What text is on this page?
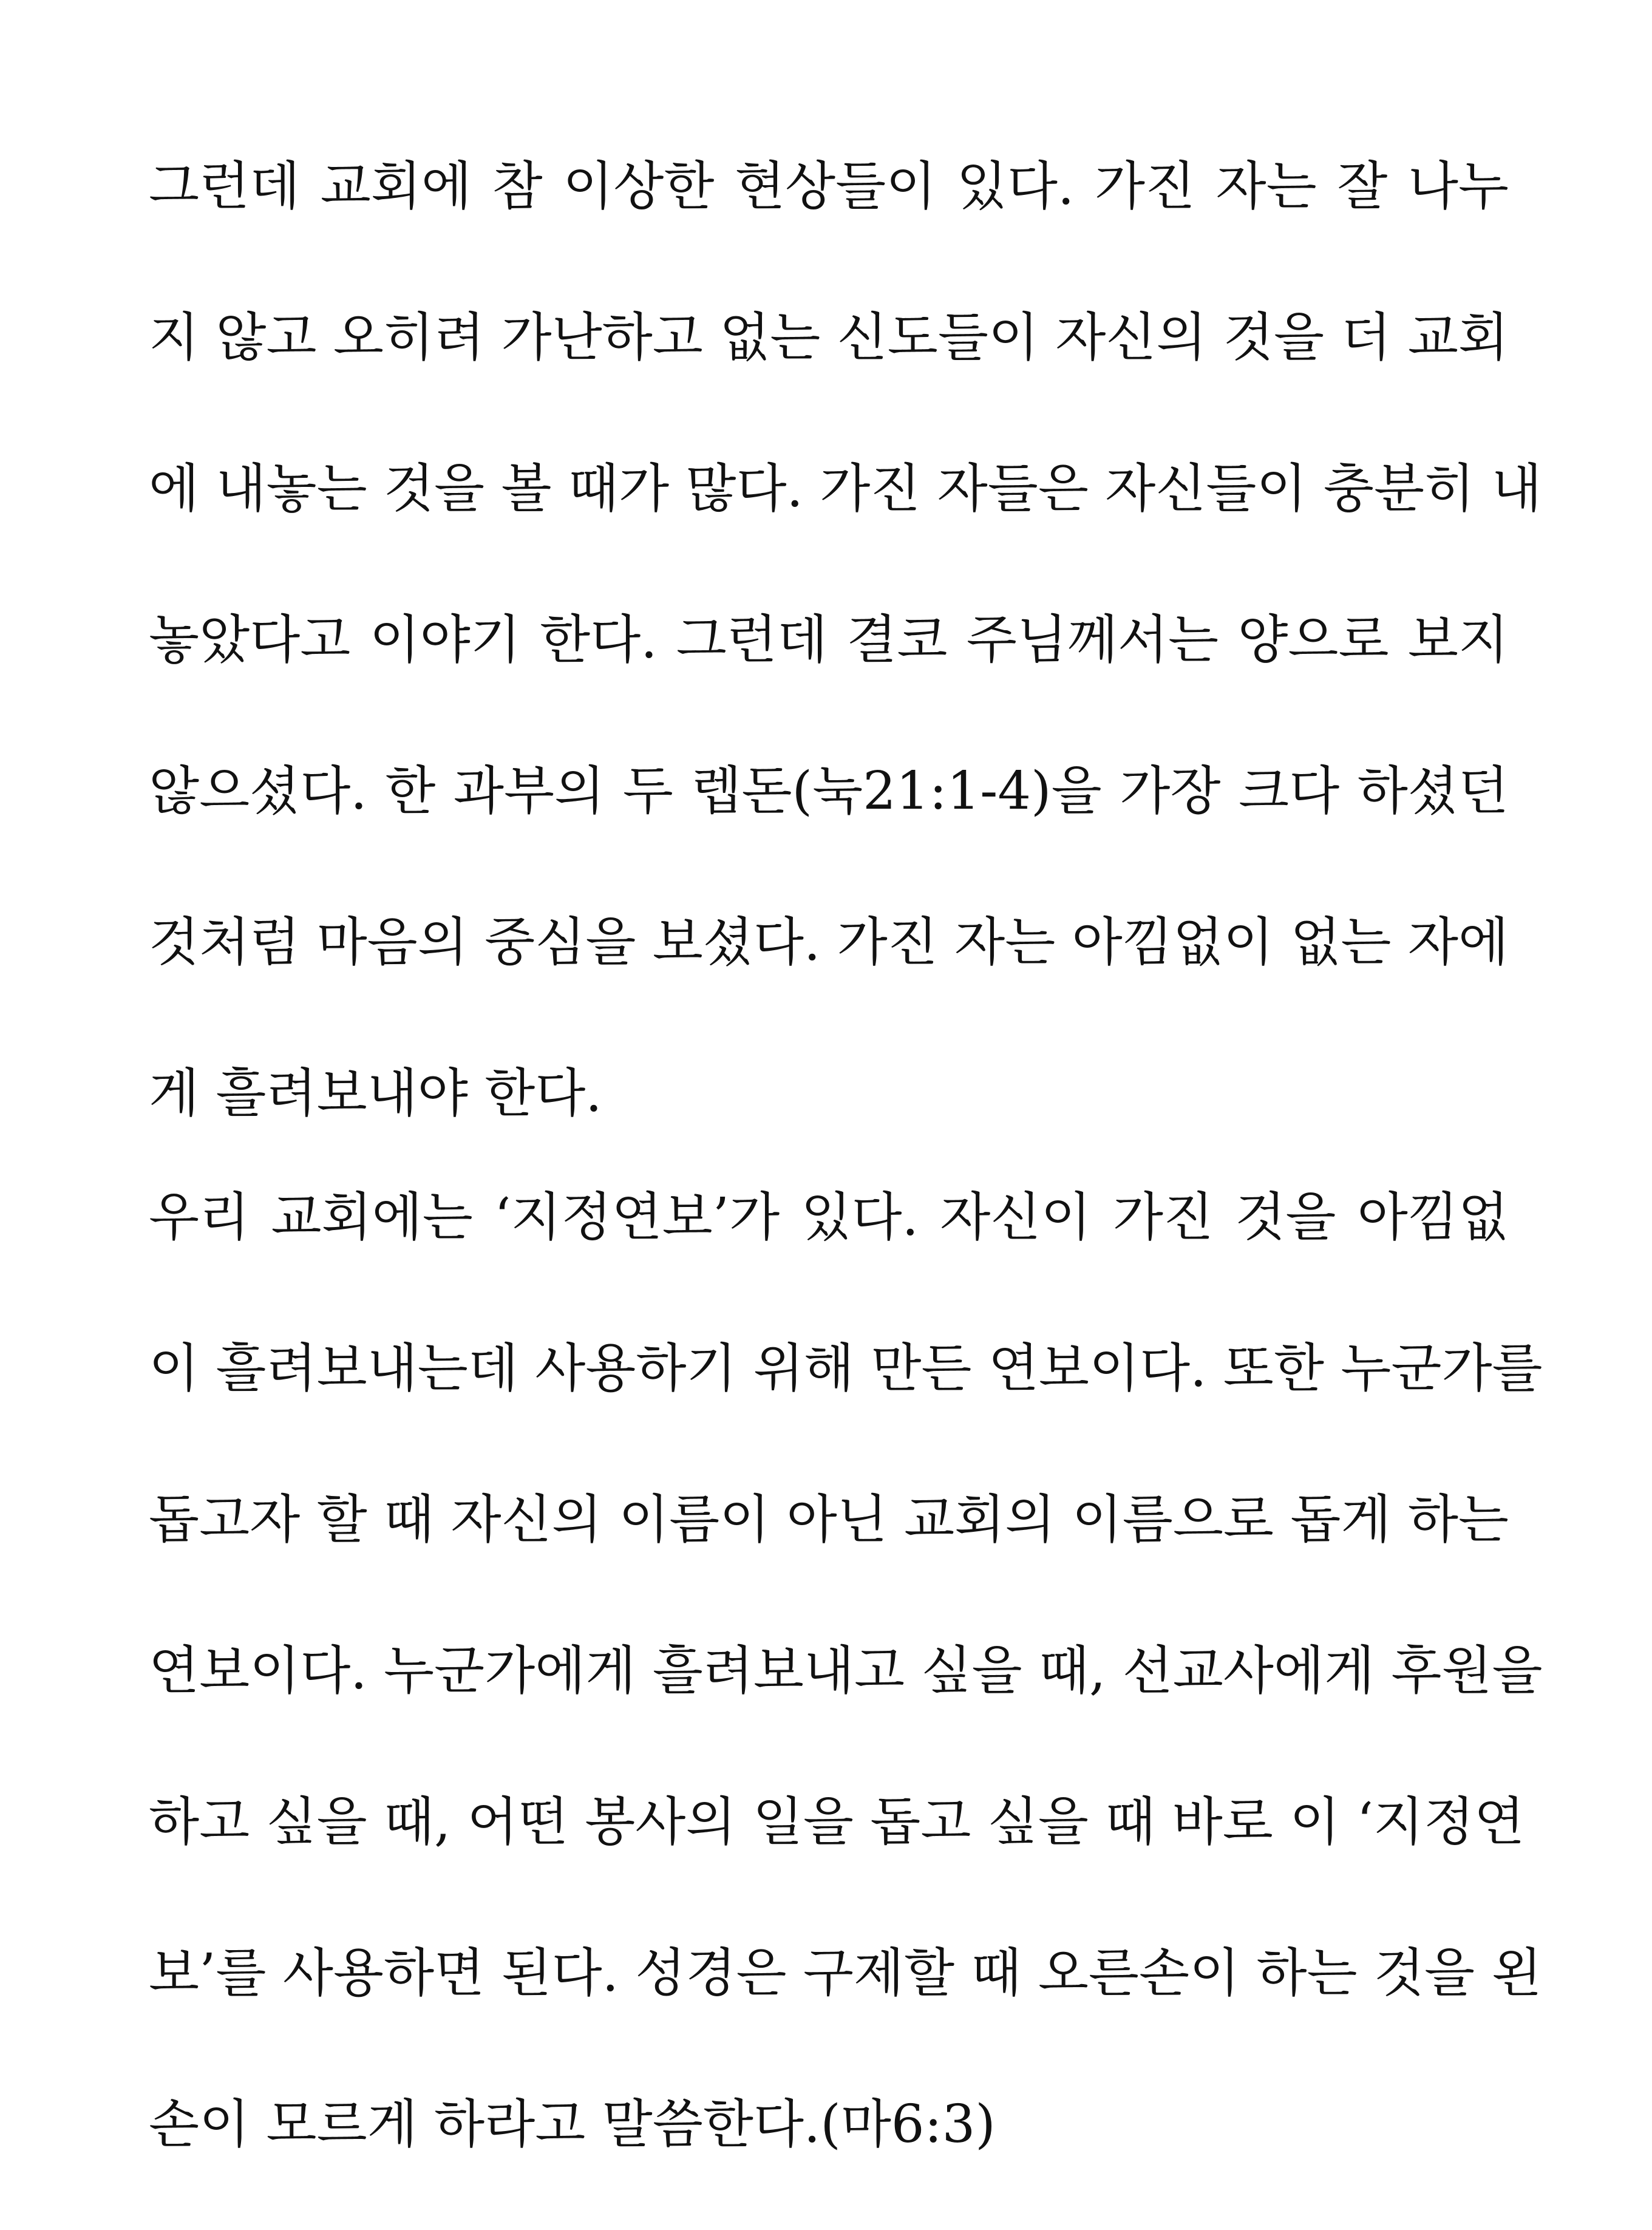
그런데 교회에 참 이상한 현상들이 있다. 가진 자는 잘 나누
지 않고 오히려 가난하고 없는 신도들이 자신의 것을 더 교회
에 내놓는 것을 볼 때가 많다. 가진 자들은 자신들이 충분히 내
놓았다고 이야기 한다. 그런데 결코 주님께서는 양으로 보지
않으셨다. 한 과부의 두 렙돈(눅21:1-4)을 가장 크다 하셨던
것처럼 마음의 중심을 보셨다. 가진 자는 아낌없이 없는 자에
게 흘려보내야 한다.
우리 교회에는 ‘지정연보’가 있다. 자신이 가진 것을 아낌없
이 흘려보내는데 사용하기 위해 만든 연보이다. 또한 누군가를
돕고자 할 때 자신의 이름이 아닌 교회의 이름으로 돕게 하는
연보이다. 누군가에게 흘려보내고 싶을 때, 선교사에게 후원을
하고 싶을 때, 어떤 봉사의 일을 돕고 싶을 때 바로 이 ‘지정연
보’를 사용하면 된다. 성경은 구제할 때 오른손이 하는 것을 왼
손이 모르게 하라고 말씀한다.(마6:3)
